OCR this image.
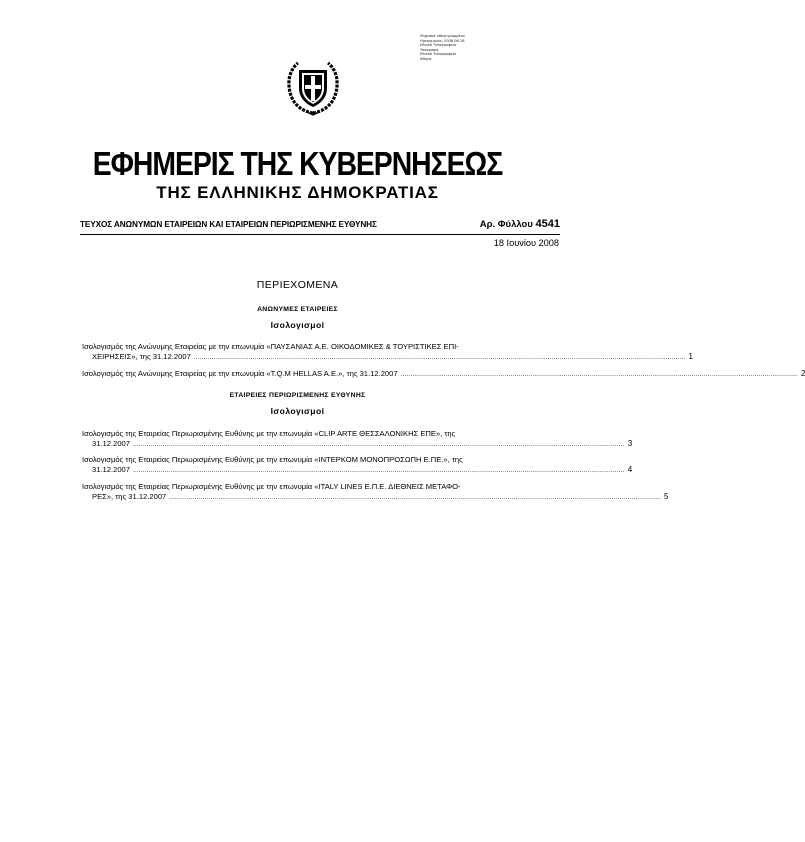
Ψηφιακά υπογεγραμμένο
Ημερομηνία: 2008.06.18
Εθνικό Τυπογραφείο
Υπογραφή:
Εθνικό Τυπογραφείο
Αθήνα
ΕΦΗΜΕΡΙΣ ΤΗΣ ΚΥΒΕΡΝΗΣΕΩΣ
ΤΗΣ ΕΛΛΗΝΙΚΗΣ ΔΗΜΟΚΡΑΤΙΑΣ
ΤΕΥΧΟΣ ΑΝΩΝΥΜΩΝ ΕΤΑΙΡΕΙΩΝ ΚΑΙ ΕΤΑΙΡΕΙΩΝ ΠΕΡΙΩΡΙΣΜΕΝΗΣ ΕΥΘΥΝΗΣ	Αρ. Φύλλου 4541
18 Ιουνίου 2008
ΠΕΡΙΕΧΟΜΕΝΑ
ΑΝΩΝΥΜΕΣ ΕΤΑΙΡΕΙΕΣ
Ισολογισμοί
Ισολογισμός της Ανώνυμης Εταιρείας με την επωνυμία «ΠΑΥΣΑΝΙΑΣ Α.Ε. ΟΙΚΟΔΟΜΙΚΕΣ & ΤΟΥΡΙΣΤΙΚΕΣ ΕΠΙ-
ΧΕΙΡΗΣΕΙΣ», της 31.12.2007 .......................................................................................................................................................................................................................................................... 1
Ισολογισμός της Ανώνυμης Εταιρείας με την επωνυμία «T.Q.M HELLAS A.E.», της 31.12.2007 .......................................................................................................................................................................................................... 2
ΕΤΑΙΡΕΙΕΣ ΠΕΡΙΩΡΙΣΜΕΝΗΣ ΕΥΘΥΝΗΣ
Ισολογισμοί
Ισολογισμός της Εταιρείας Περιωρισμένης Ευθύνης με την επωνυμία «CLIP ARTE ΘΕΣΣΑΛΟΝΙΚΗΣ ΕΠΕ», της
31.12.2007 .......................................................................................................................................................................................................................................................... 3
Ισολογισμός της Εταιρείας Περιωρισμένης Ευθύνης με την επωνυμία «ΙΝΤΕΡΚΟΜ ΜΟΝΟΠΡΟΣΩΠΗ Ε.ΠΕ.», της
31.12.2007 .......................................................................................................................................................................................................................................................... 4
Ισολογισμός της Εταιρείας Περιωρισμένης Ευθύνης με την επωνυμία «ITALY LINES Ε.Π.Ε. ΔΙΕΘΝΕΙΣ ΜΕΤΑΦΟ-
ΡΕΣ», της 31.12.2007 .......................................................................................................................................................................................................................................................... 5
